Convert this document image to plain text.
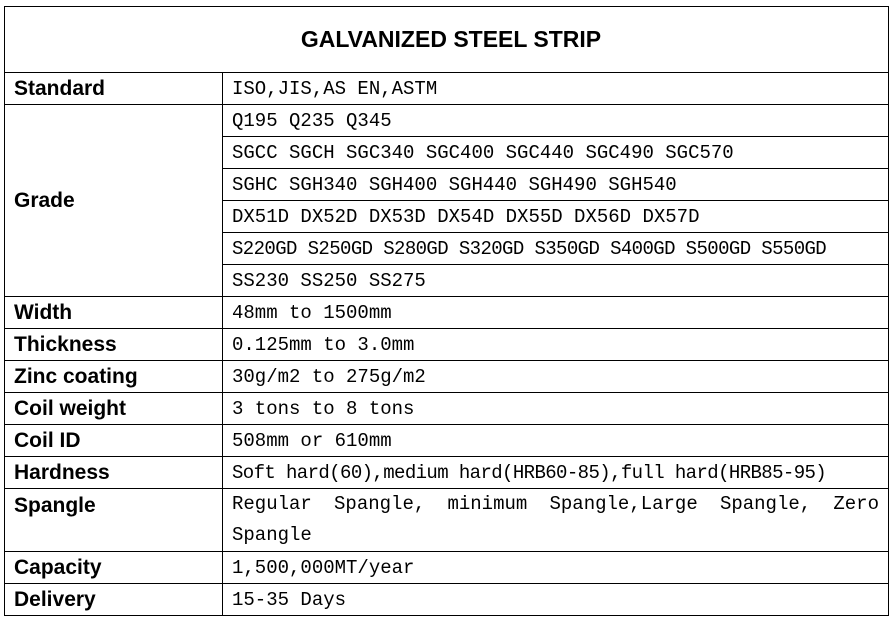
GALVANIZED STEEL STRIP	
Standard	ISO,JIS,AS EN,ASTM
Grade	Q195 Q235 Q345
	SGCC SGCH SGC340 SGC400 SGC440 SGC490 SGC570
	SGHC SGH340 SGH400 SGH440 SGH490 SGH540
	DX51D DX52D DX53D DX54D DX55D DX56D DX57D
	S220GD S250GD S280GD S320GD S350GD S400GD S500GD S550GD
	SS230 SS250 SS275
Width	48mm to 1500mm
Thickness	0.125mm to 3.0mm
Zinc coating	30g/m2 to 275g/m2
Coil weight	3 tons to 8 tons
Coil ID	508mm or 610mm
Hardness	Soft hard(60),medium hard(HRB60-85),full hard(HRB85-95)
Spangle	Regular Spangle, minimum Spangle,Large Spangle, Zero Spangle
Capacity	1,500,000MT/year
Delivery	15-35 Days
